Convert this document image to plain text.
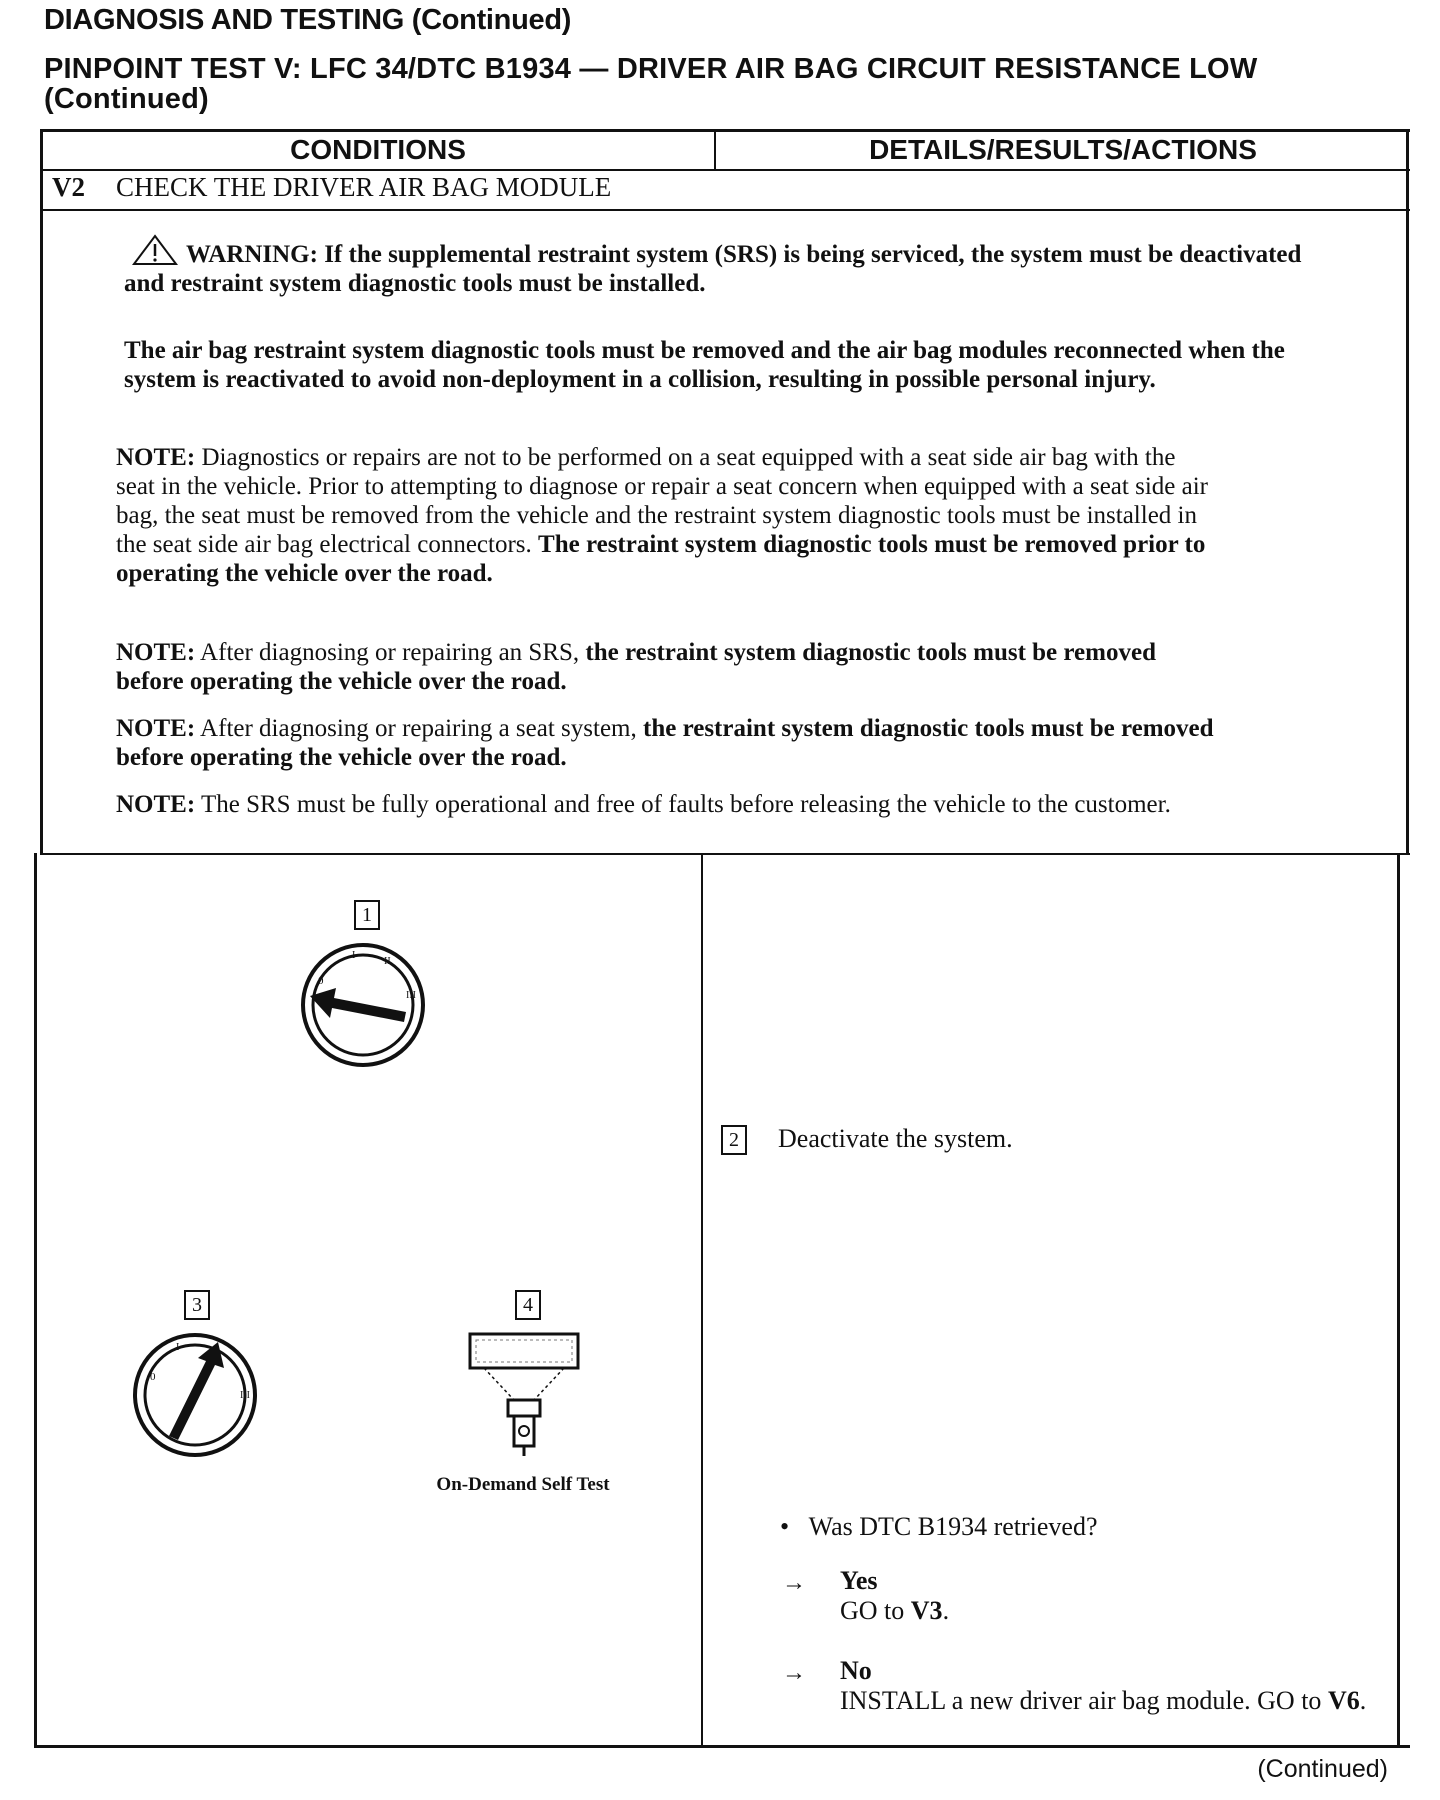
DIAGNOSIS AND TESTING (Continued)
PINPOINT TEST V: LFC 34/DTC B1934 — DRIVER AIR BAG CIRCUIT RESISTANCE LOW (Continued)
CONDITIONS	DETAILS/RESULTS/ACTIONS
V2 CHECK THE DRIVER AIR BAG MODULE
WARNING: If the supplemental restraint system (SRS) is being serviced, the system must be deactivated and restraint system diagnostic tools must be installed.
The air bag restraint system diagnostic tools must be removed and the air bag modules reconnected when the system is reactivated to avoid non-deployment in a collision, resulting in possible personal injury.
NOTE: Diagnostics or repairs are not to be performed on a seat equipped with a seat side air bag with the seat in the vehicle. Prior to attempting to diagnose or repair a seat concern when equipped with a seat side air bag, the seat must be removed from the vehicle and the restraint system diagnostic tools must be installed in the seat side air bag electrical connectors. The restraint system diagnostic tools must be removed prior to operating the vehicle over the road.
NOTE: After diagnosing or repairing an SRS, the restraint system diagnostic tools must be removed before operating the vehicle over the road.
NOTE: After diagnosing or repairing a seat system, the restraint system diagnostic tools must be removed before operating the vehicle over the road.
NOTE: The SRS must be fully operational and free of faults before releasing the vehicle to the customer.
1
0
I
II
III
3
0
I
III
4
On-Demand Self Test
2	Deactivate the system.
• Was DTC B1934 retrieved?
→ Yes
GO to V3.
→ No
INSTALL a new driver air bag module. GO to V6.
(Continued)
